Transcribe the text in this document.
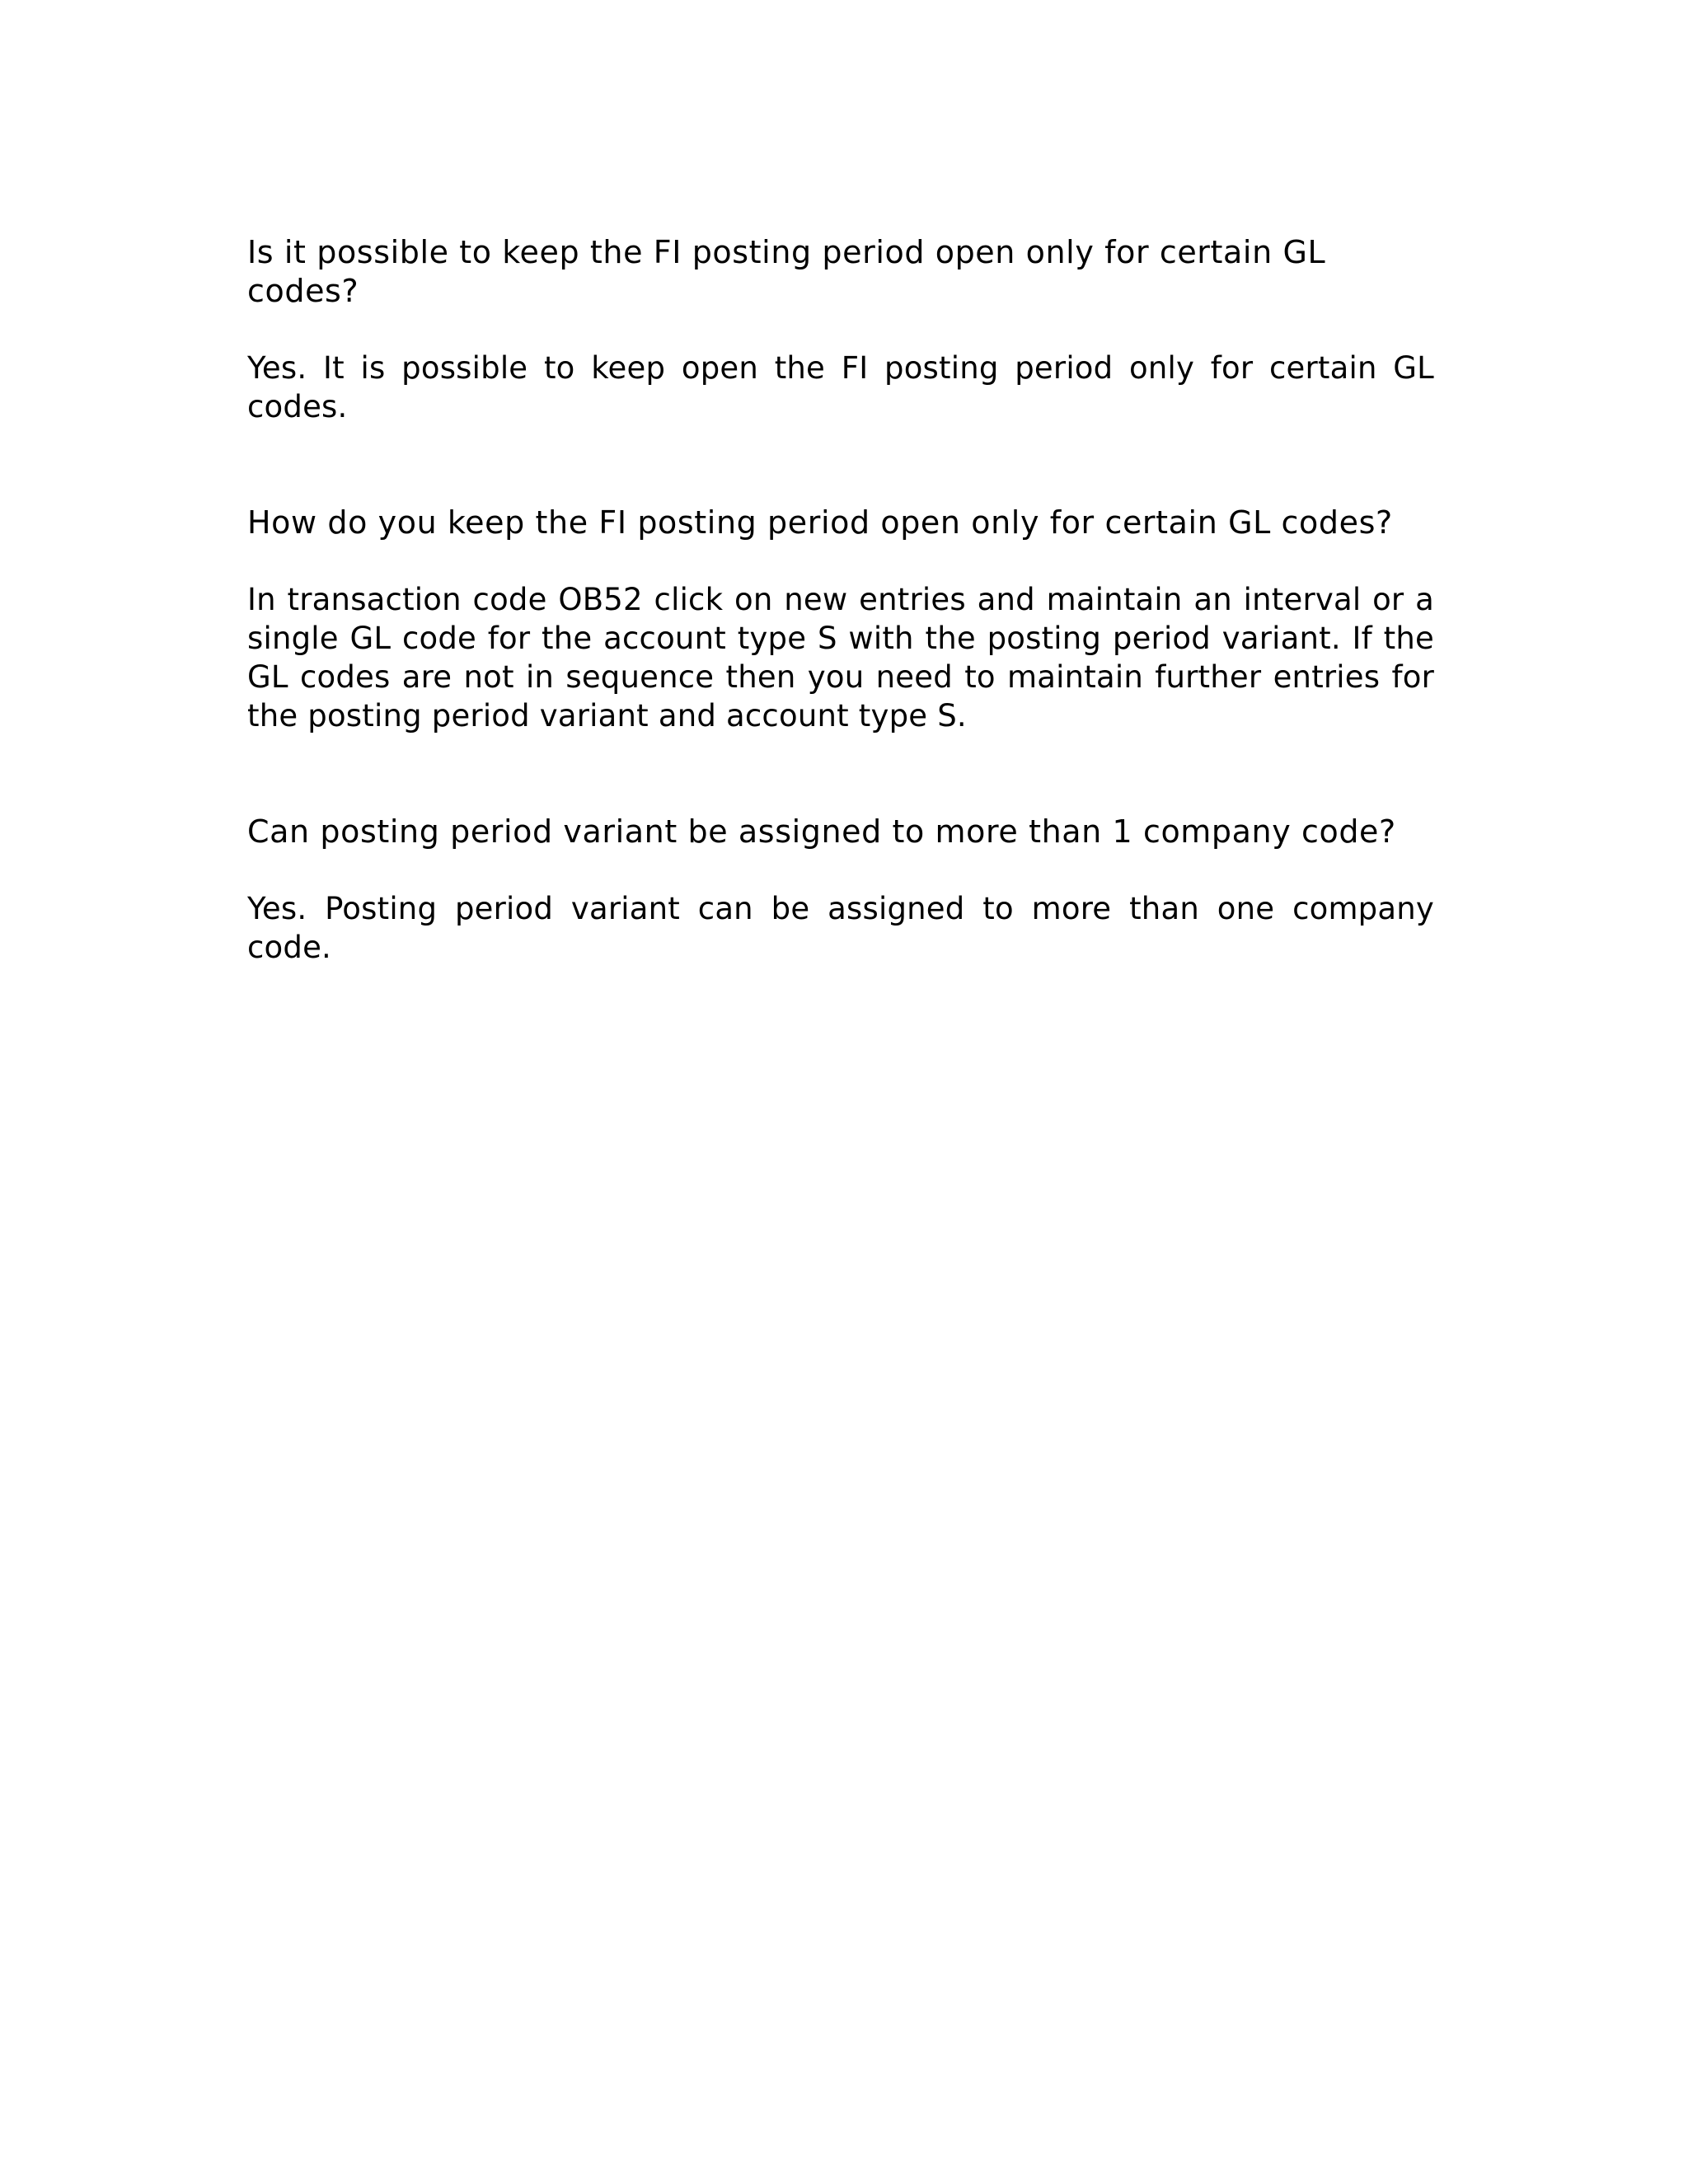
Is it possible to keep the FI posting period open only for certain GL codes?

Yes. It is possible to keep open the FI posting period only for certain GL codes.

How do you keep the FI posting period open only for certain GL codes?

In transaction code OB52 click on new entries and maintain an interval or a single GL code for the account type S with the posting period variant. If the GL codes are not in sequence then you need to maintain further entries for the posting period variant and account type S.

Can posting period variant be assigned to more than 1 company code?

Yes. Posting period variant can be assigned to more than one company code.
